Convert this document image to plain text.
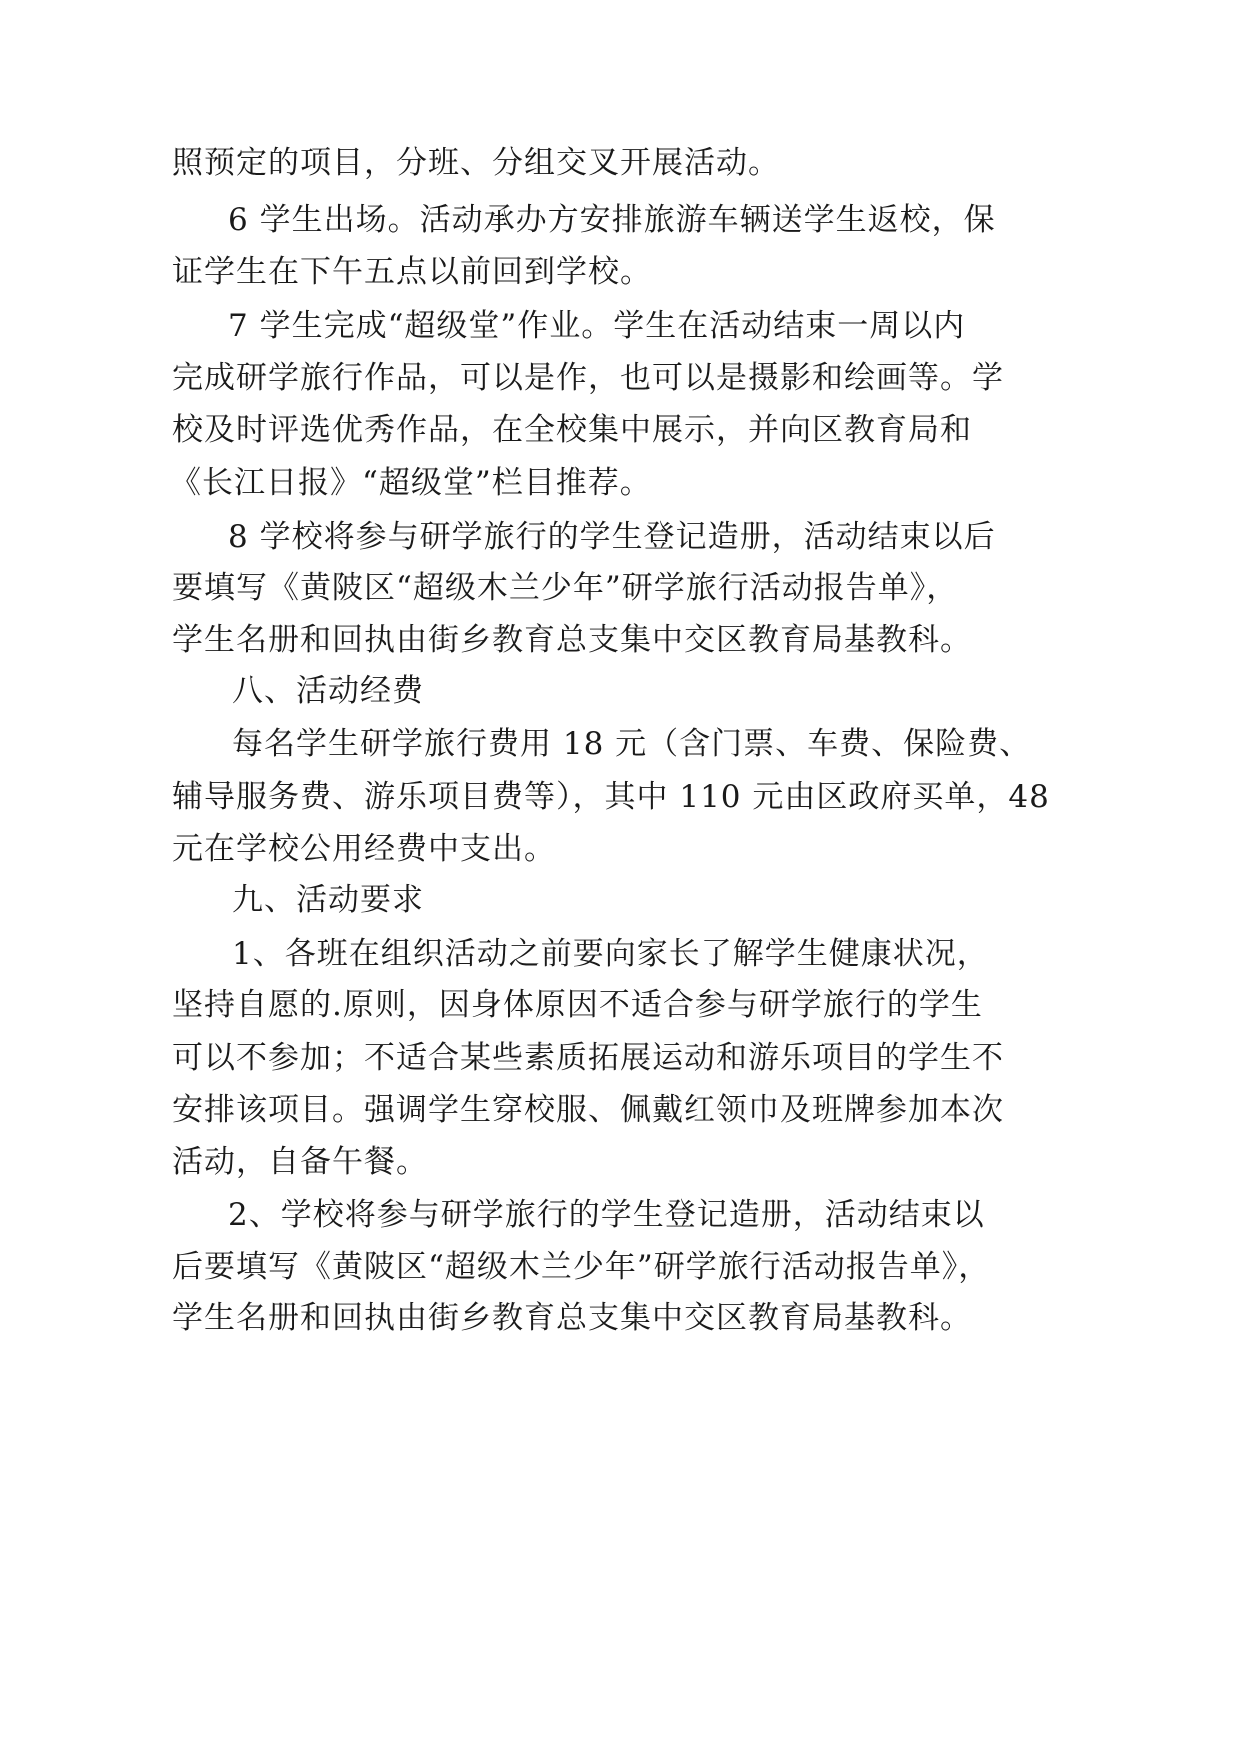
照预定的项目，分班、分组交叉开展活动。
6 学生出场。活动承办方安排旅游车辆送学生返校，保
证学生在下午五点以前回到学校。
7 学生完成“超级堂”作业。学生在活动结束一周以内
完成研学旅行作品，可以是作，也可以是摄影和绘画等。学
校及时评选优秀作品，在全校集中展示，并向区教育局和
《长江日报》“超级堂”栏目推荐。
8 学校将参与研学旅行的学生登记造册，活动结束以后
要填写《黄陂区“超级木兰少年”研学旅行活动报告单》，
学生名册和回执由街乡教育总支集中交区教育局基教科。
八、活动经费
每名学生研学旅行费用 18 元（含门票、车费、保险费、
辅导服务费、游乐项目费等），其中 110 元由区政府买单，48
元在学校公用经费中支出。
九、活动要求
1、各班在组织活动之前要向家长了解学生健康状况，
坚持自愿的.原则，因身体原因不适合参与研学旅行的学生
可以不参加；不适合某些素质拓展运动和游乐项目的学生不
安排该项目。强调学生穿校服、佩戴红领巾及班牌参加本次
活动，自备午餐。
2、学校将参与研学旅行的学生登记造册，活动结束以
后要填写《黄陂区“超级木兰少年”研学旅行活动报告单》，
学生名册和回执由街乡教育总支集中交区教育局基教科。
